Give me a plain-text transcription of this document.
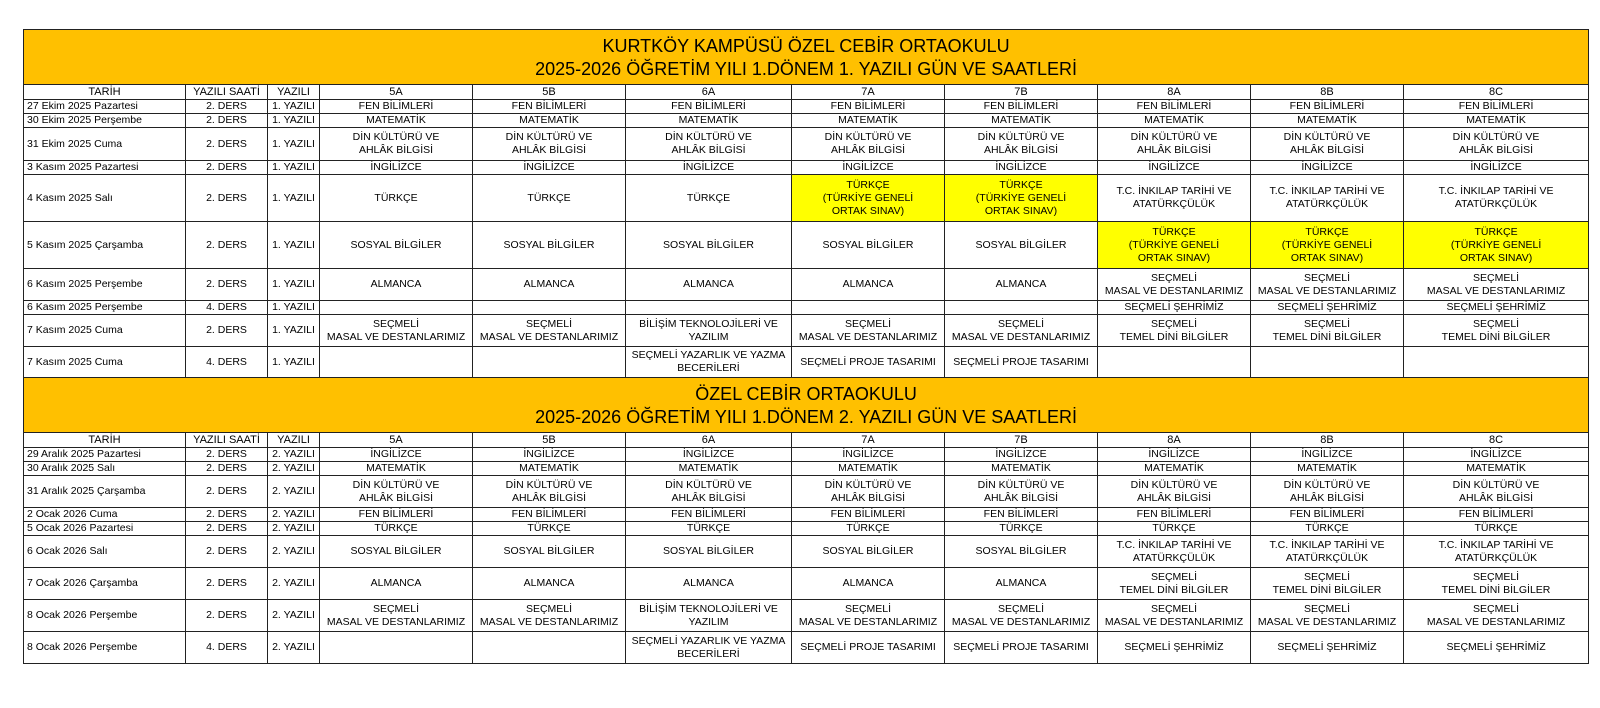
KURTKÖY KAMPÜSÜ ÖZEL CEBİR ORTAOKULU
2025-2026 ÖĞRETİM YILI 1.DÖNEM 1. YAZILI GÜN VE SAATLERİ										

TARİH	YAZILI SAATİ	YAZILI	5A	5B	6A	7A	7B	8A	8B	8C
27 Ekim 2025 Pazartesi	2. DERS	1. YAZILI	FEN BİLİMLERİ	FEN BİLİMLERİ	FEN BİLİMLERİ	FEN BİLİMLERİ	FEN BİLİMLERİ	FEN BİLİMLERİ	FEN BİLİMLERİ	FEN BİLİMLERİ
30 Ekim 2025 Perşembe	2. DERS	1. YAZILI	MATEMATİK	MATEMATİK	MATEMATİK	MATEMATİK	MATEMATİK	MATEMATİK	MATEMATİK	MATEMATİK
31 Ekim 2025 Cuma	2. DERS	1. YAZILI	DİN KÜLTÜRÜ VE
AHLÂK BİLGİSİ	DİN KÜLTÜRÜ VE
AHLÂK BİLGİSİ	DİN KÜLTÜRÜ VE
AHLÂK BİLGİSİ	DİN KÜLTÜRÜ VE
AHLÂK BİLGİSİ	DİN KÜLTÜRÜ VE
AHLÂK BİLGİSİ	DİN KÜLTÜRÜ VE
AHLÂK BİLGİSİ	DİN KÜLTÜRÜ VE
AHLÂK BİLGİSİ	DİN KÜLTÜRÜ VE
AHLÂK BİLGİSİ
3 Kasım 2025 Pazartesi	2. DERS	1. YAZILI	İNGİLİZCE	İNGİLİZCE	İNGİLİZCE	İNGİLİZCE	İNGİLİZCE	İNGİLİZCE	İNGİLİZCE	İNGİLİZCE
4 Kasım 2025 Salı	2. DERS	1. YAZILI	TÜRKÇE	TÜRKÇE	TÜRKÇE	TÜRKÇE
(TÜRKİYE GENELİ
ORTAK SINAV)	TÜRKÇE
(TÜRKİYE GENELİ
ORTAK SINAV)	T.C. İNKILAP TARİHİ VE
ATATÜRKÇÜLÜK	T.C. İNKILAP TARİHİ VE
ATATÜRKÇÜLÜK	T.C. İNKILAP TARİHİ VE
ATATÜRKÇÜLÜK
5 Kasım 2025 Çarşamba	2. DERS	1. YAZILI	SOSYAL BİLGİLER	SOSYAL BİLGİLER	SOSYAL BİLGİLER	SOSYAL BİLGİLER	SOSYAL BİLGİLER	TÜRKÇE
(TÜRKİYE GENELİ
ORTAK SINAV)	TÜRKÇE
(TÜRKİYE GENELİ
ORTAK SINAV)	TÜRKÇE
(TÜRKİYE GENELİ
ORTAK SINAV)
6 Kasım 2025 Perşembe	2. DERS	1. YAZILI	ALMANCA	ALMANCA	ALMANCA	ALMANCA	ALMANCA	SEÇMELİ
MASAL VE DESTANLARIMIZ	SEÇMELİ
MASAL VE DESTANLARIMIZ	SEÇMELİ
MASAL VE DESTANLARIMIZ
6 Kasım 2025 Perşembe	4. DERS	1. YAZILI						SEÇMELİ ŞEHRİMİZ	SEÇMELİ ŞEHRİMİZ	SEÇMELİ ŞEHRİMİZ
7 Kasım 2025 Cuma	2. DERS	1. YAZILI	SEÇMELİ
MASAL VE DESTANLARIMIZ	SEÇMELİ
MASAL VE DESTANLARIMIZ	BİLİŞİM TEKNOLOJİLERİ VE
YAZILIM	SEÇMELİ
MASAL VE DESTANLARIMIZ	SEÇMELİ
MASAL VE DESTANLARIMIZ	SEÇMELİ
TEMEL DİNİ BİLGİLER	SEÇMELİ
TEMEL DİNİ BİLGİLER	SEÇMELİ
TEMEL DİNİ BİLGİLER
7 Kasım 2025 Cuma	4. DERS	1. YAZILI			SEÇMELİ YAZARLIK VE YAZMA
BECERİLERİ	SEÇMELİ PROJE TASARIMI	SEÇMELİ PROJE TASARIMI			

ÖZEL CEBİR ORTAOKULU
2025-2026 ÖĞRETİM YILI 1.DÖNEM 2. YAZILI GÜN VE SAATLERİ										

TARİH	YAZILI SAATİ	YAZILI	5A	5B	6A	7A	7B	8A	8B	8C
29 Aralık 2025 Pazartesi	2. DERS	2. YAZILI	İNGİLİZCE	İNGİLİZCE	İNGİLİZCE	İNGİLİZCE	İNGİLİZCE	İNGİLİZCE	İNGİLİZCE	İNGİLİZCE
30 Aralık 2025 Salı	2. DERS	2. YAZILI	MATEMATİK	MATEMATİK	MATEMATİK	MATEMATİK	MATEMATİK	MATEMATİK	MATEMATİK	MATEMATİK
31 Aralık 2025 Çarşamba	2. DERS	2. YAZILI	DİN KÜLTÜRÜ VE
AHLÂK BİLGİSİ	DİN KÜLTÜRÜ VE
AHLÂK BİLGİSİ	DİN KÜLTÜRÜ VE
AHLÂK BİLGİSİ	DİN KÜLTÜRÜ VE
AHLÂK BİLGİSİ	DİN KÜLTÜRÜ VE
AHLÂK BİLGİSİ	DİN KÜLTÜRÜ VE
AHLÂK BİLGİSİ	DİN KÜLTÜRÜ VE
AHLÂK BİLGİSİ	DİN KÜLTÜRÜ VE
AHLÂK BİLGİSİ
2 Ocak 2026 Cuma	2. DERS	2. YAZILI	FEN BİLİMLERİ	FEN BİLİMLERİ	FEN BİLİMLERİ	FEN BİLİMLERİ	FEN BİLİMLERİ	FEN BİLİMLERİ	FEN BİLİMLERİ	FEN BİLİMLERİ
5 Ocak 2026 Pazartesi	2. DERS	2. YAZILI	TÜRKÇE	TÜRKÇE	TÜRKÇE	TÜRKÇE	TÜRKÇE	TÜRKÇE	TÜRKÇE	TÜRKÇE
6 Ocak 2026 Salı	2. DERS	2. YAZILI	SOSYAL BİLGİLER	SOSYAL BİLGİLER	SOSYAL BİLGİLER	SOSYAL BİLGİLER	SOSYAL BİLGİLER	T.C. İNKILAP TARİHİ VE
ATATÜRKÇÜLÜK	T.C. İNKILAP TARİHİ VE
ATATÜRKÇÜLÜK	T.C. İNKILAP TARİHİ VE
ATATÜRKÇÜLÜK
7 Ocak 2026 Çarşamba	2. DERS	2. YAZILI	ALMANCA	ALMANCA	ALMANCA	ALMANCA	ALMANCA	SEÇMELİ
TEMEL DİNİ BİLGİLER	SEÇMELİ
TEMEL DİNİ BİLGİLER	SEÇMELİ
TEMEL DİNİ BİLGİLER
8 Ocak 2026 Perşembe	2. DERS	2. YAZILI	SEÇMELİ
MASAL VE DESTANLARIMIZ	SEÇMELİ
MASAL VE DESTANLARIMIZ	BİLİŞİM TEKNOLOJİLERİ VE
YAZILIM	SEÇMELİ
MASAL VE DESTANLARIMIZ	SEÇMELİ
MASAL VE DESTANLARIMIZ	SEÇMELİ
MASAL VE DESTANLARIMIZ	SEÇMELİ
MASAL VE DESTANLARIMIZ	SEÇMELİ
MASAL VE DESTANLARIMIZ
8 Ocak 2026 Perşembe	4. DERS	2. YAZILI			SEÇMELİ YAZARLIK VE YAZMA
BECERİLERİ	SEÇMELİ PROJE TASARIMI	SEÇMELİ PROJE TASARIMI	SEÇMELİ ŞEHRİMİZ	SEÇMELİ ŞEHRİMİZ	SEÇMELİ ŞEHRİMİZ
